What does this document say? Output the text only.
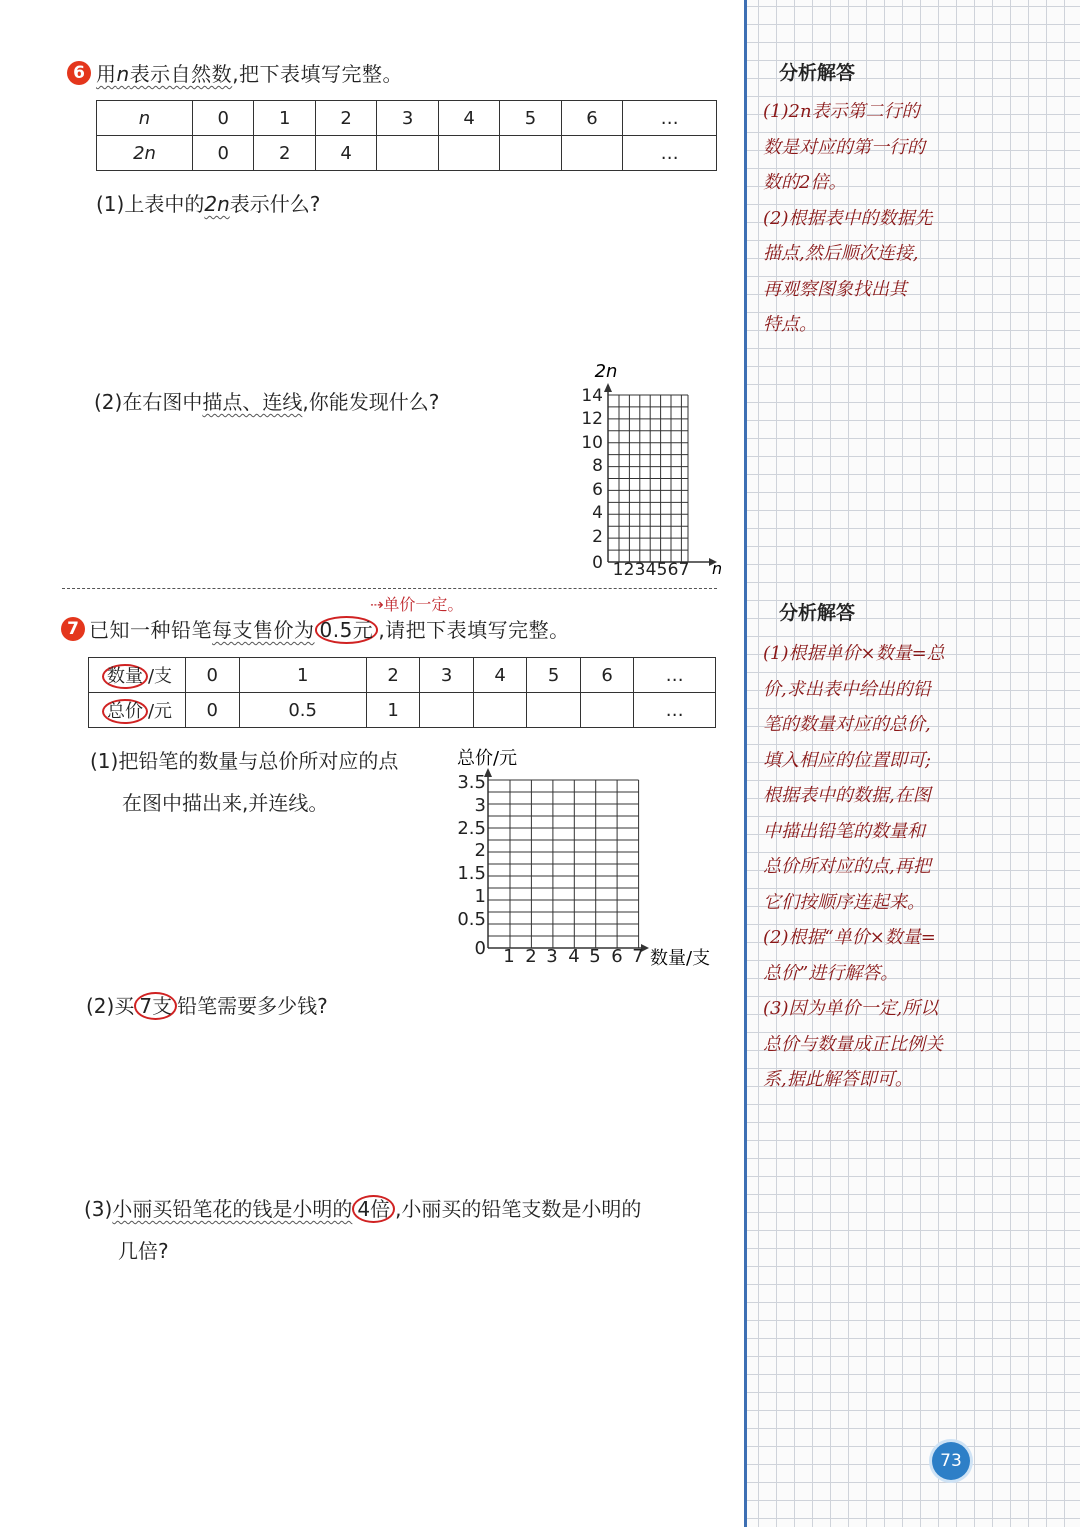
分析解答
(1)2n表示第二行的
数是对应的第一行的
数的2倍。
(2)根据表中的数据先
描点,然后顺次连接,
再观察图象找出其
特点。
分析解答
(1)根据单价×数量=总
价,求出表中给出的铅
笔的数量对应的总价,
填入相应的位置即可;
根据表中的数据,在图
中描出铅笔的数量和
总价所对应的点,再把
它们按顺序连起来。
(2)根据“单价×数量=
总价”进行解答。
(3)因为单价一定,所以
总价与数量成正比例关
系,据此解答即可。
73
6 用n表示自然数,把下表填写完整。
n	0	1	2	3	4	5	6	…
2n	0	2	4					…
(1)上表中的2n表示什么?
(2)在右图中描点、连线,你能发现什么?
2n
n
0
2
4
6
8
10
12
14
1 2 3 4 5 6 7
⇢单价一定。
7 已知一种铅笔每支售价为 0.5元 ,请把下表填写完整。
数量 /支	0	1	2	3	4	5	6	…
总价 /元	0	0.5	1					…
(1)把铅笔的数量与总价所对应的点
在图中描出来,并连线。
总价/元
数量/支
0
0.5
1
1.5
2
2.5
3
3.5
1 2 3 4 5 6 7
(2)买 7支 铅笔需要多少钱?
(3)小丽买铅笔花的钱是小明的 4倍 ,小丽买的铅笔支数是小明的
几倍?
